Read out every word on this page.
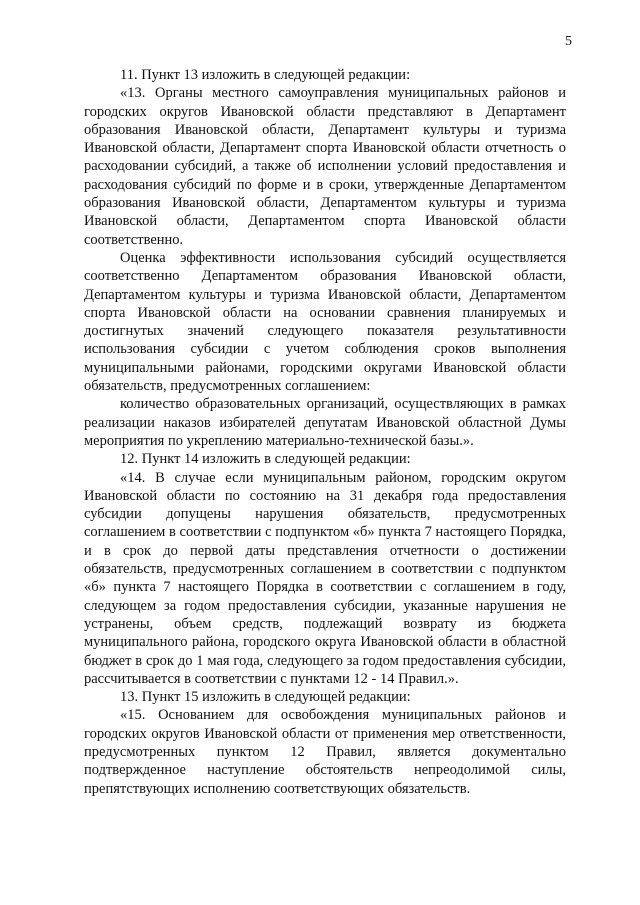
5

11. Пункт 13 изложить в следующей редакции:

«13. Органы местного самоуправления муниципальных районов и городских округов Ивановской области представляют в Департамент образования Ивановской области, Департамент культуры и туризма Ивановской области, Департамент спорта Ивановской области отчетность о расходовании субсидий, а также об исполнении условий предоставления и расходования субсидий по форме и в сроки, утвержденные Департаментом образования Ивановской области, Департаментом культуры и туризма Ивановской области, Департаментом спорта Ивановской области соответственно.

Оценка эффективности использования субсидий осуществляется соответственно Департаментом образования Ивановской области, Департаментом культуры и туризма Ивановской области, Департаментом спорта Ивановской области на основании сравнения планируемых и достигнутых значений следующего показателя результативности использования субсидии с учетом соблюдения сроков выполнения муниципальными районами, городскими округами Ивановской области обязательств, предусмотренных соглашением:

количество образовательных организаций, осуществляющих в рамках реализации наказов избирателей депутатам Ивановской областной Думы мероприятия по укреплению материально-технической базы.».

12. Пункт 14 изложить в следующей редакции:

«14. В случае если муниципальным районом, городским округом Ивановской области по состоянию на 31 декабря года предоставления субсидии допущены нарушения обязательств, предусмотренных соглашением в соответствии с подпунктом «б» пункта 7 настоящего Порядка, и в срок до первой даты представления отчетности о достижении обязательств, предусмотренных соглашением в соответствии с подпунктом «б» пункта 7 настоящего Порядка в соответствии с соглашением в году, следующем за годом предоставления субсидии, указанные нарушения не устранены, объем средств, подлежащий возврату из бюджета муниципального района, городского округа Ивановской области в областной бюджет в срок до 1 мая года, следующего за годом предоставления субсидии, рассчитывается в соответствии с пунктами 12 - 14 Правил.».

13. Пункт 15 изложить в следующей редакции:

«15. Основанием для освобождения муниципальных районов и городских округов Ивановской области от применения мер ответственности, предусмотренных пунктом 12 Правил, является документально подтвержденное наступление обстоятельств непреодолимой силы, препятствующих исполнению соответствующих обязательств.
